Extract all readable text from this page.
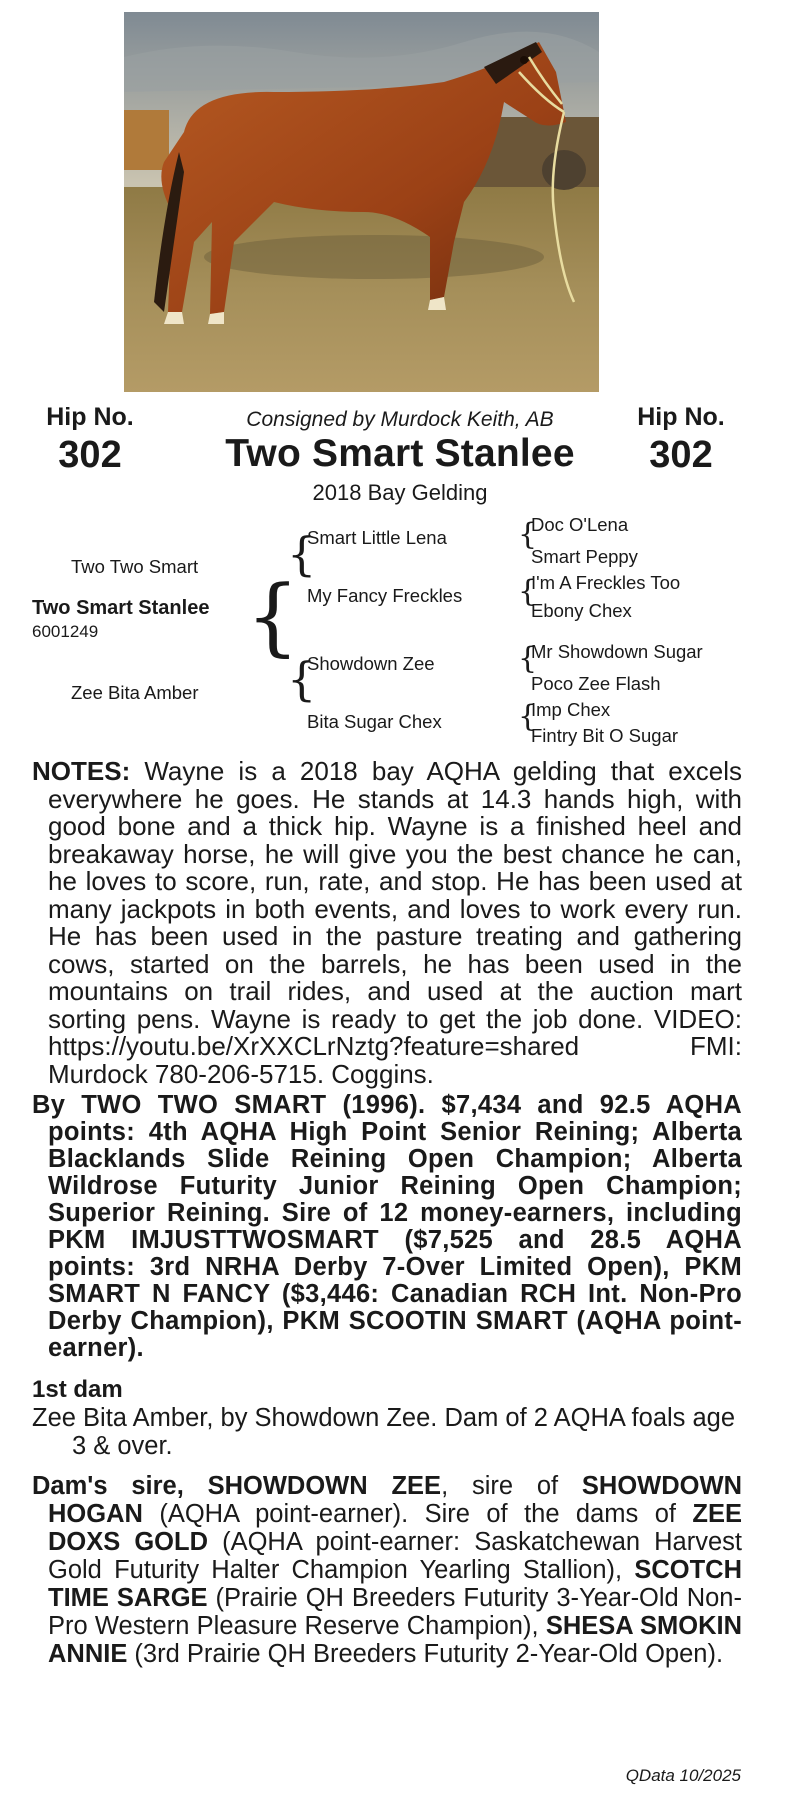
Hip No.
302
Hip No.
302
Consigned by Murdock Keith, AB
Two Smart Stanlee
2018 Bay Gelding
Two Two Smart
Two Smart Stanlee
6001249
Zee Bita Amber
{
{
{
Smart Little Lena
My Fancy Freckles
Showdown Zee
Bita Sugar Chex
{
{
{
{
Doc O'Lena
Smart Peppy
I'm A Freckles Too
Ebony Chex
Mr Showdown Sugar
Poco Zee Flash
Imp Chex
Fintry Bit O Sugar
NOTES: Wayne is a 2018 bay AQHA gelding that excels everywhere he goes. He stands at 14.3 hands high, with good bone and a thick hip. Wayne is a finished heel and breakaway horse, he will give you the best chance he can, he loves to score, run, rate, and stop. He has been used at many jackpots in both events, and loves to work every run. He has been used in the pasture treating and gathering cows, started on the barrels, he has been used in the mountains on trail rides, and used at the auction mart sorting pens. Wayne is ready to get the job done. VIDEO: https://youtu.be/XrXXCLrNztg?feature=shared FMI: Murdock 780-206-5715. Coggins.
By TWO TWO SMART (1996). $7,434 and 92.5 AQHA points: 4th AQHA High Point Senior Reining; Alberta Blacklands Slide Reining Open Champion; Alberta Wildrose Futurity Junior Reining Open Champion; Superior Reining. Sire of 12 money-earners, including PKM IMJUSTTWOSMART ($7,525 and 28.5 AQHA points: 3rd NRHA Derby 7-Over Limited Open), PKM SMART N FANCY ($3,446: Canadian RCH Int. Non-Pro Derby Champion), PKM SCOOTIN SMART (AQHA point-earner).
1st dam
Zee Bita Amber, by Showdown Zee. Dam of 2 AQHA foals age 3 & over.
Dam's sire, SHOWDOWN ZEE, sire of SHOWDOWN HOGAN (AQHA point-earner). Sire of the dams of ZEE DOXS GOLD (AQHA point-earner: Saskatchewan Harvest Gold Futurity Halter Champion Yearling Stallion), SCOTCH TIME SARGE (Prairie QH Breeders Futurity 3-Year-Old Non-Pro Western Pleasure Reserve Champion), SHESA SMOKIN ANNIE (3rd Prairie QH Breeders Futurity 2-Year-Old Open).
QData 10/2025
